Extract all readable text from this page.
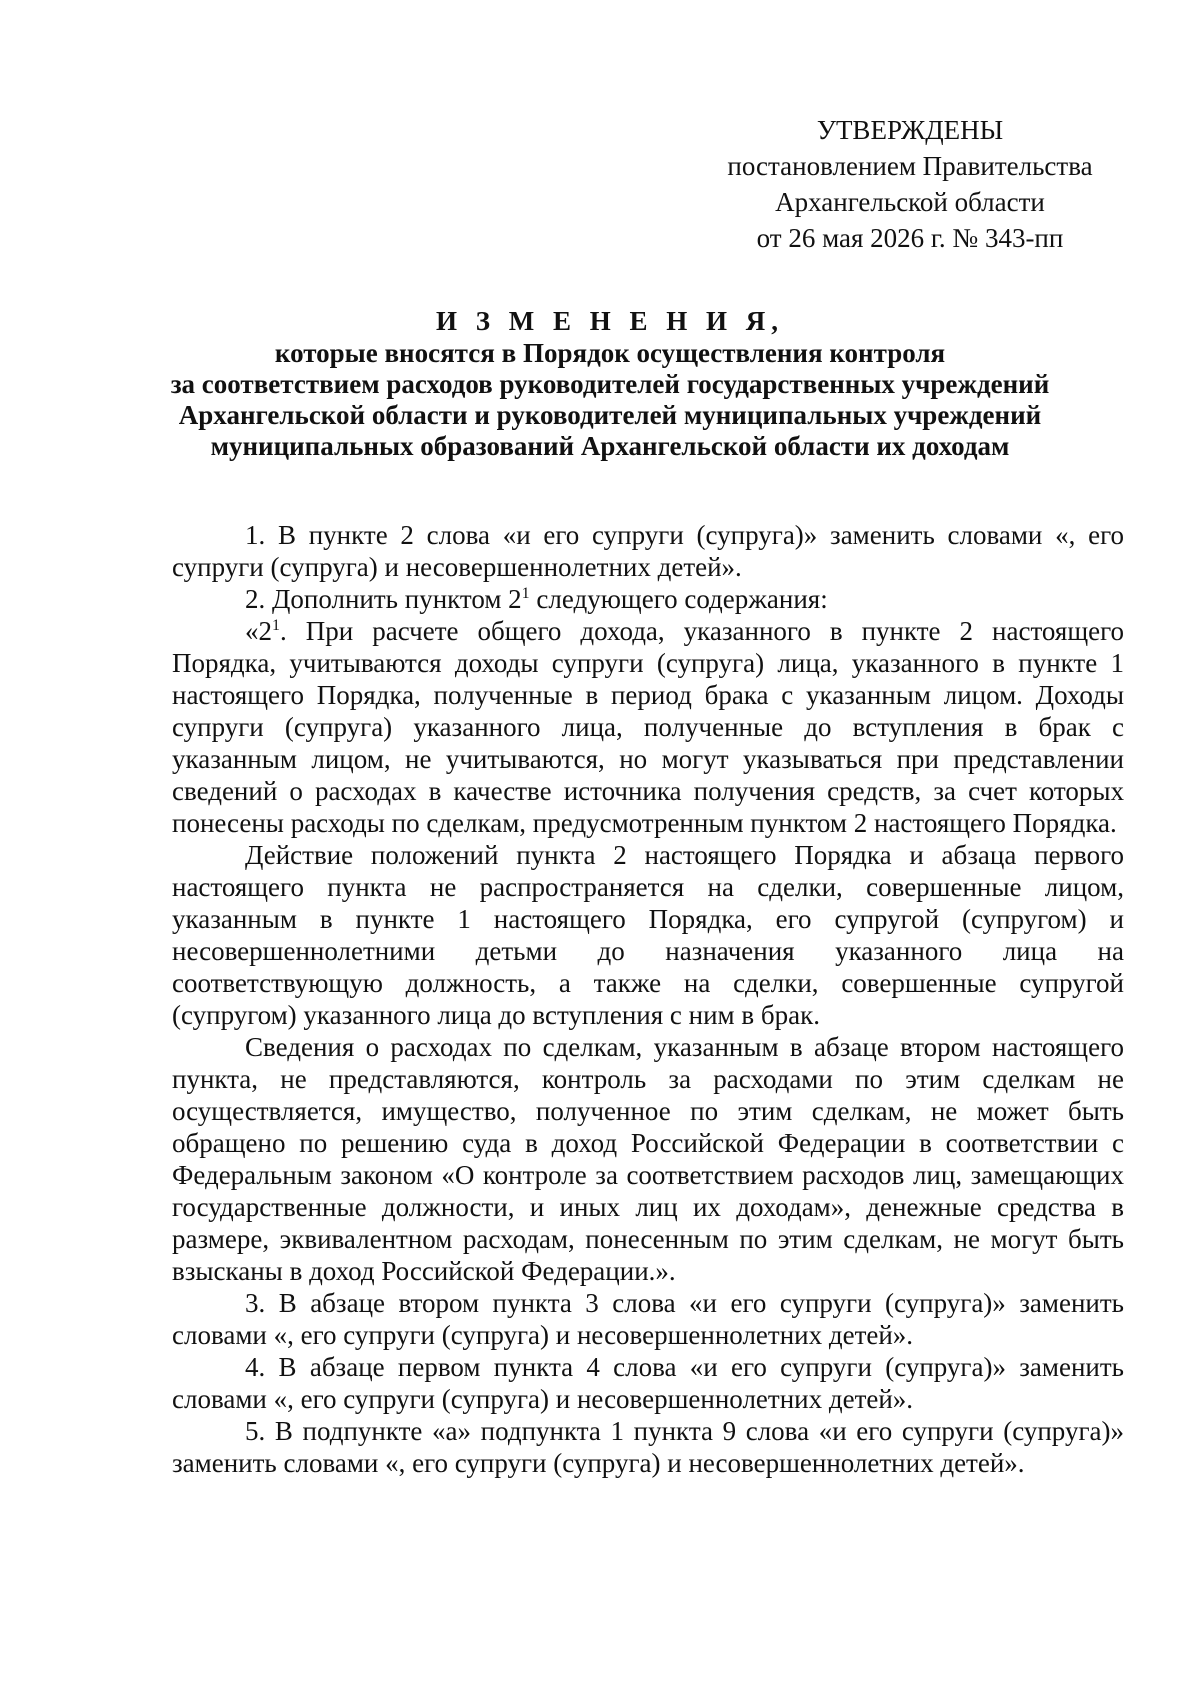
УТВЕРЖДЕНЫ
постановлением Правительства
Архангельской области
от 26 мая 2026 г. № 343-пп
И З М Е Н Е Н И Я,
которые вносятся в Порядок осуществления контроля
за соответствием расходов руководителей государственных учреждений
Архангельской области и руководителей муниципальных учреждений
муниципальных образований Архангельской области их доходам

1. В пункте 2 слова «и его супруги (супруга)» заменить словами «, его супруги (супруга) и несовершеннолетних детей».

2. Дополнить пунктом $2^1$ следующего содержания:

«$2^1$. При расчете общего дохода, указанного в пункте 2 настоящего Порядка, учитываются доходы супруги (супруга) лица, указанного в пункте 1 настоящего Порядка, полученные в период брака с указанным лицом. Доходы супруги (супруга) указанного лица, полученные до вступления в брак с указанным лицом, не учитываются, но могут указываться при представлении сведений о расходах в качестве источника получения средств, за счет которых понесены расходы по сделкам, предусмотренным пунктом 2 настоящего Порядка.

Действие положений пункта 2 настоящего Порядка и абзаца первого настоящего пункта не распространяется на сделки, совершенные лицом, указанным в пункте 1 настоящего Порядка, его супругой (супругом) и несовершеннолетними детьми до назначения указанного лица на соответствующую должность, а также на сделки, совершенные супругой (супругом) указанного лица до вступления с ним в брак.

Сведения о расходах по сделкам, указанным в абзаце втором настоящего пункта, не представляются, контроль за расходами по этим сделкам не осуществляется, имущество, полученное по этим сделкам, не может быть обращено по решению суда в доход Российской Федерации в соответствии с Федеральным законом «О контроле за соответствием расходов лиц, замещающих государственные должности, и иных лиц их доходам», денежные средства в размере, эквивалентном расходам, понесенным по этим сделкам, не могут быть взысканы в доход Российской Федерации.».

3. В абзаце втором пункта 3 слова «и его супруги (супруга)» заменить словами «, его супруги (супруга) и несовершеннолетних детей».

4. В абзаце первом пункта 4 слова «и его супруги (супруга)» заменить словами «, его супруги (супруга) и несовершеннолетних детей».

5. В подпункте «а» подпункта 1 пункта 9 слова «и его супруги (супруга)» заменить словами «, его супруги (супруга) и несовершеннолетних детей».
